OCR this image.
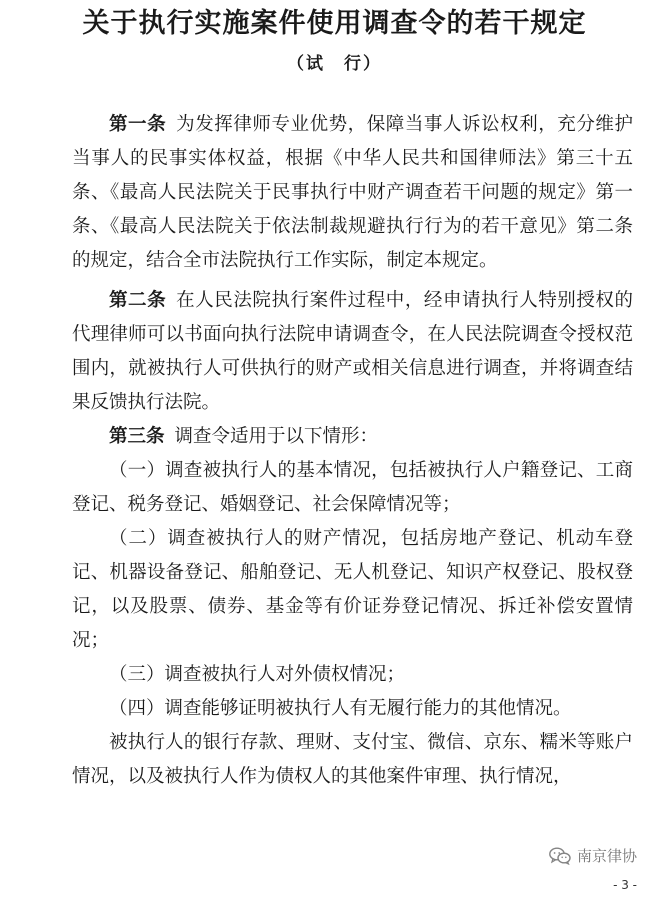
关于执行实施案件使用调查令的若干规定
（试　行）

第一条 为发挥律师专业优势，保障当事人诉讼权利，充分维护当事人的民事实体权益，根据《中华人民共和国律师法》第三十五条、《最高人民法院关于民事执行中财产调查若干问题的规定》第一条、《最高人民法院关于依法制裁规避执行行为的若干意见》第二条的规定，结合全市法院执行工作实际，制定本规定。

第二条 在人民法院执行案件过程中，经申请执行人特别授权的代理律师可以书面向执行法院申请调查令，在人民法院调查令授权范围内，就被执行人可供执行的财产或相关信息进行调查，并将调查结果反馈执行法院。

第三条 调查令适用于以下情形：

（一）调查被执行人的基本情况，包括被执行人户籍登记、工商登记、税务登记、婚姻登记、社会保障情况等；

（二）调查被执行人的财产情况，包括房地产登记、机动车登记、机器设备登记、船舶登记、无人机登记、知识产权登记、股权登记，以及股票、债券、基金等有价证券登记情况、拆迁补偿安置情况；

（三）调查被执行人对外债权情况；

（四）调查能够证明被执行人有无履行能力的其他情况。

被执行人的银行存款、理财、支付宝、微信、京东、糯米等账户情况，以及被执行人作为债权人的其他案件审理、执行情况，

南京律协
- 3 -
